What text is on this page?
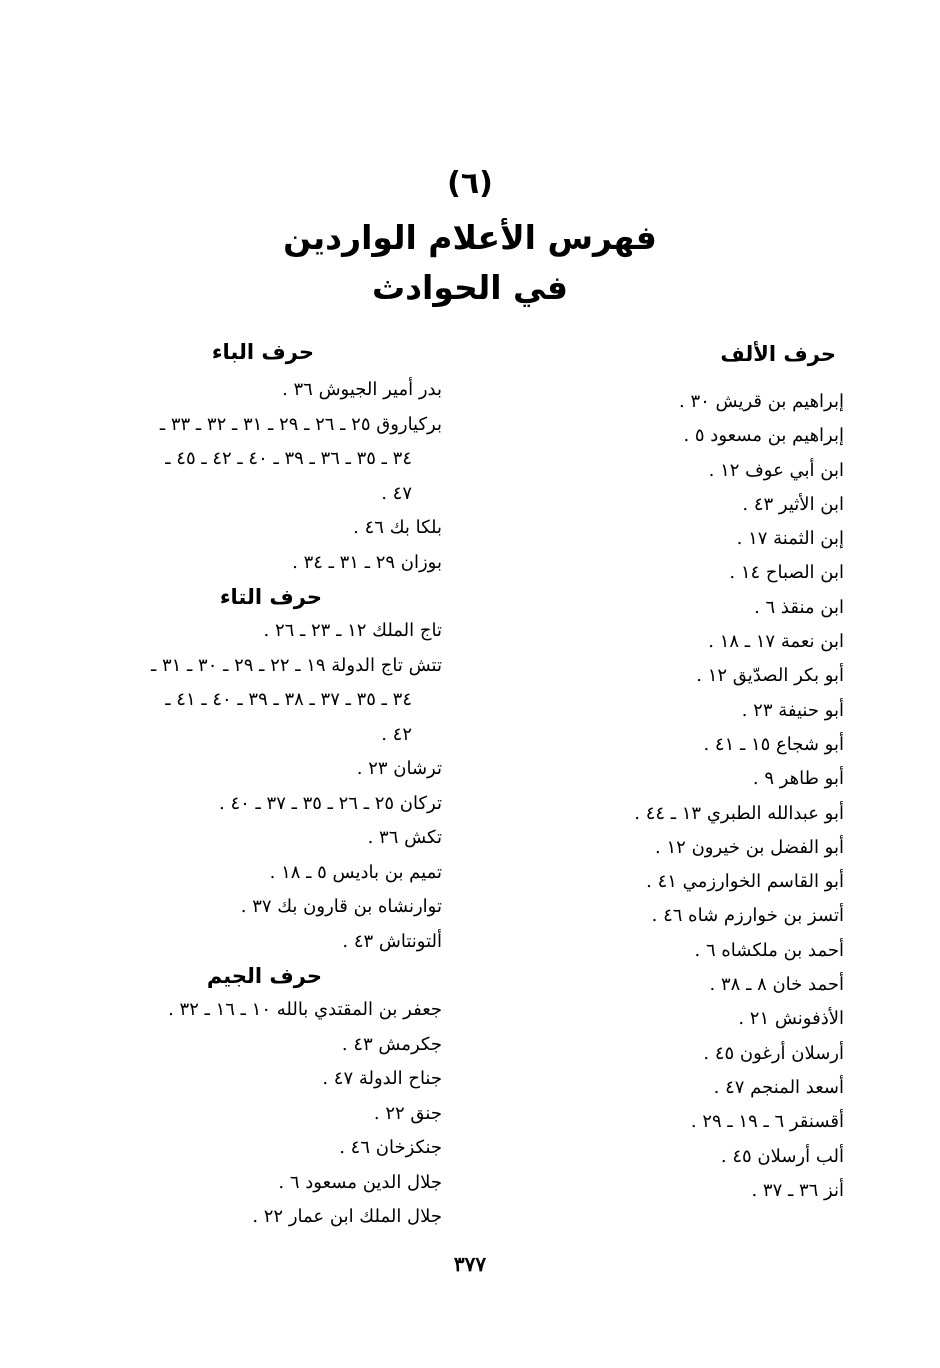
(٦)
فهرس الأعلام الواردين
في الحوادث
حرف الألف
إبراهيم بن قريش ٣٠ .
إبراهيم بن مسعود ٥ .
ابن أبي عوف ١٢ .
ابن الأثير ٤٣ .
إبن الثمنة ١٧ .
ابن الصباح ١٤ .
ابن منقذ ٦ .
ابن نعمة ١٧ ـ ١٨ .
أبو بكر الصدّيق ١٢ .
أبو حنيفة ٢٣ .
أبو شجاع ١٥ ـ ٤١ .
أبو طاهر ٩ .
أبو عبدالله الطبري ١٣ ـ ٤٤ .
أبو الفضل بن خيرون ١٢ .
أبو القاسم الخوارزمي ٤١ .
أتسز بن خوارزم شاه ٤٦ .
أحمد بن ملكشاه ٦ .
أحمد خان ٨ ـ ٣٨ .
الأذفونش ٢١ .
أرسلان أرغون ٤٥ .
أسعد المنجم ٤٧ .
أقسنقر ٦ ـ ١٩ ـ ٢٩ .
ألب أرسلان ٤٥ .
أنز ٣٦ ـ ٣٧ .
حرف الباء
بدر أمير الجيوش ٣٦ .
بركياروق ٢٥ ـ ٢٦ ـ ٢٩ ـ ٣١ ـ ٣٢ ـ ٣٣ ـ
٣٤ ـ ٣٥ ـ ٣٦ ـ ٣٩ ـ ٤٠ ـ ٤٢ ـ ٤٥ ـ
٤٧ .
بلكا بك ٤٦ .
بوزان ٢٩ ـ ٣١ ـ ٣٤ .
حرف التاء
تاج الملك ١٢ ـ ٢٣ ـ ٢٦ .
تتش تاج الدولة ١٩ ـ ٢٢ ـ ٢٩ ـ ٣٠ ـ ٣١ ـ
٣٤ ـ ٣٥ ـ ٣٧ ـ ٣٨ ـ ٣٩ ـ ٤٠ ـ ٤١ ـ
٤٢ .
ترشان ٢٣ .
تركان ٢٥ ـ ٢٦ ـ ٣٥ ـ ٣٧ ـ ٤٠ .
تكش ٣٦ .
تميم بن باديس ٥ ـ ١٨ .
توارنشاه بن قارون بك ٣٧ .
ألتونتاش ٤٣ .
حرف الجيم
جعفر بن المقتدي بالله ١٠ ـ ١٦ ـ ٣٢ .
جكرمش ٤٣ .
جناح الدولة ٤٧ .
جنق ٢٢ .
جنكزخان ٤٦ .
جلال الدين مسعود ٦ .
جلال الملك ابن عمار ٢٢ .
٣٧٧
